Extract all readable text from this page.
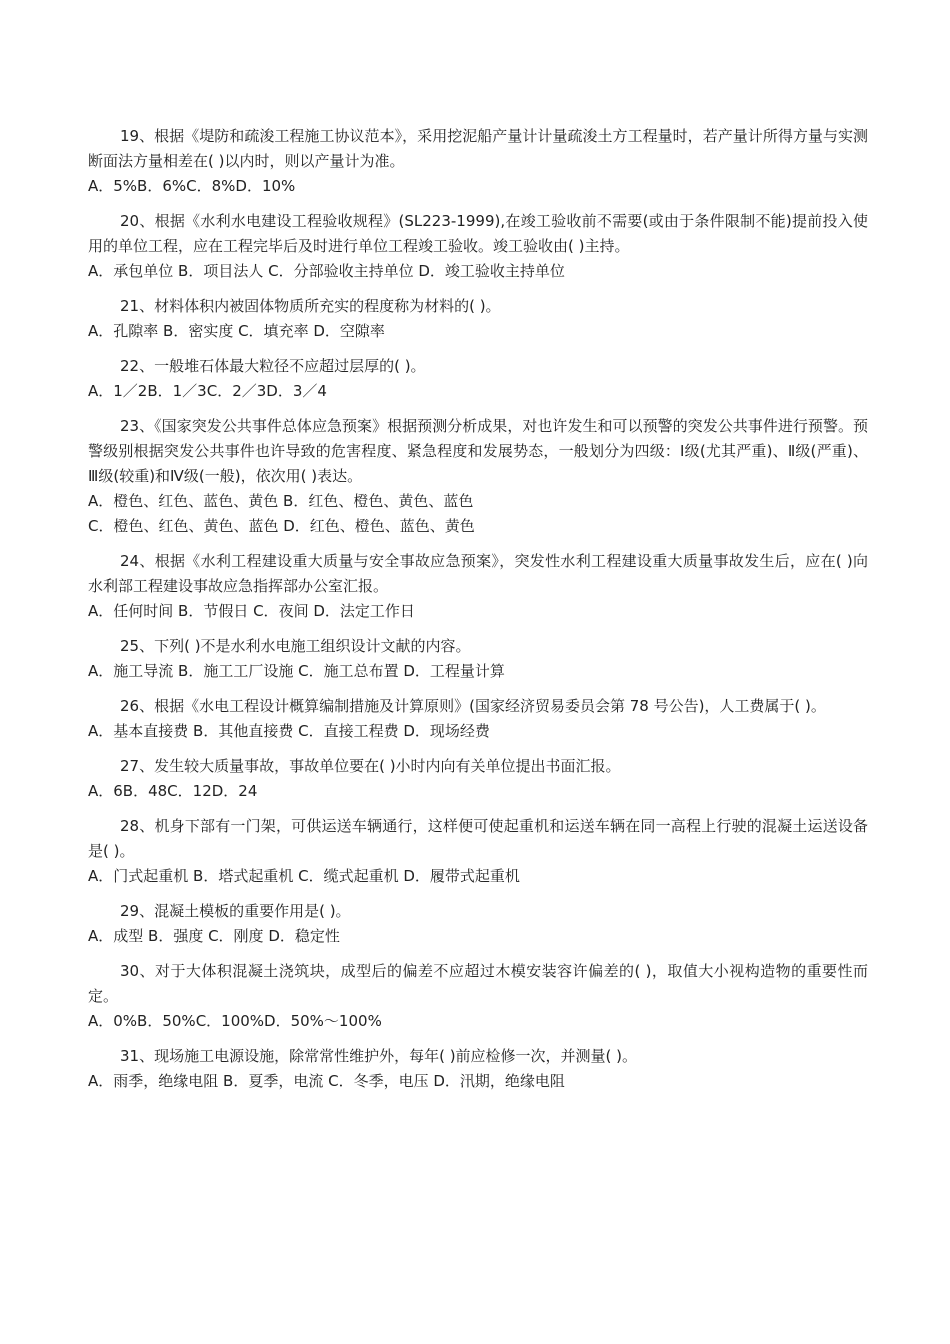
19、根据《堤防和疏浚工程施工协议范本》，采用挖泥船产量计计量疏浚土方工程量时，若产量计所得方量与实测断面法方量相差在( )以内时，则以产量计为准。

A．5%B．6%C．8%D．10%

20、根据《水利水电建设工程验收规程》(SL223-1999),在竣工验收前不需要(或由于条件限制不能)提前投入使用的单位工程，应在工程完毕后及时进行单位工程竣工验收。竣工验收由( )主持。

A．承包单位 B．项目法人 C．分部验收主持单位 D．竣工验收主持单位

21、材料体积内被固体物质所充实的程度称为材料的( )。

A．孔隙率 B．密实度 C．填充率 D．空隙率

22、一般堆石体最大粒径不应超过层厚的( )。

A．1／2B．1／3C．2／3D．3／4

23、《国家突发公共事件总体应急预案》根据预测分析成果，对也许发生和可以预警的突发公共事件进行预警。预警级别根据突发公共事件也许导致的危害程度、紧急程度和发展势态，一般划分为四级：Ⅰ级(尤其严重)、Ⅱ级(严重)、Ⅲ级(较重)和Ⅳ级(一般)，依次用( )表达。

A．橙色、红色、蓝色、黄色 B．红色、橙色、黄色、蓝色

C．橙色、红色、黄色、蓝色 D．红色、橙色、蓝色、黄色

24、根据《水利工程建设重大质量与安全事故应急预案》，突发性水利工程建设重大质量事故发生后，应在( )向水利部工程建设事故应急指挥部办公室汇报。

A．任何时间 B．节假日 C．夜间 D．法定工作日

25、下列( )不是水利水电施工组织设计文献的内容。

A．施工导流 B．施工工厂设施 C．施工总布置 D．工程量计算

26、根据《水电工程设计概算编制措施及计算原则》(国家经济贸易委员会第 78 号公告)，人工费属于( )。

A．基本直接费 B．其他直接费 C．直接工程费 D．现场经费

27、发生较大质量事故，事故单位要在( )小时内向有关单位提出书面汇报。

A．6B．48C．12D．24

28、机身下部有一门架，可供运送车辆通行，这样便可使起重机和运送车辆在同一高程上行驶的混凝土运送设备是( )。

A．门式起重机 B．塔式起重机 C．缆式起重机 D．履带式起重机

29、混凝土模板的重要作用是( )。

A．成型 B．强度 C．刚度 D．稳定性

30、对于大体积混凝土浇筑块，成型后的偏差不应超过木模安装容许偏差的( )，取值大小视构造物的重要性而定。

A．0%B．50%C．100%D．50%～100%

31、现场施工电源设施，除常常性维护外，每年( )前应检修一次，并测量( )。

A．雨季，绝缘电阻 B．夏季，电流 C．冬季，电压 D．汛期，绝缘电阻
